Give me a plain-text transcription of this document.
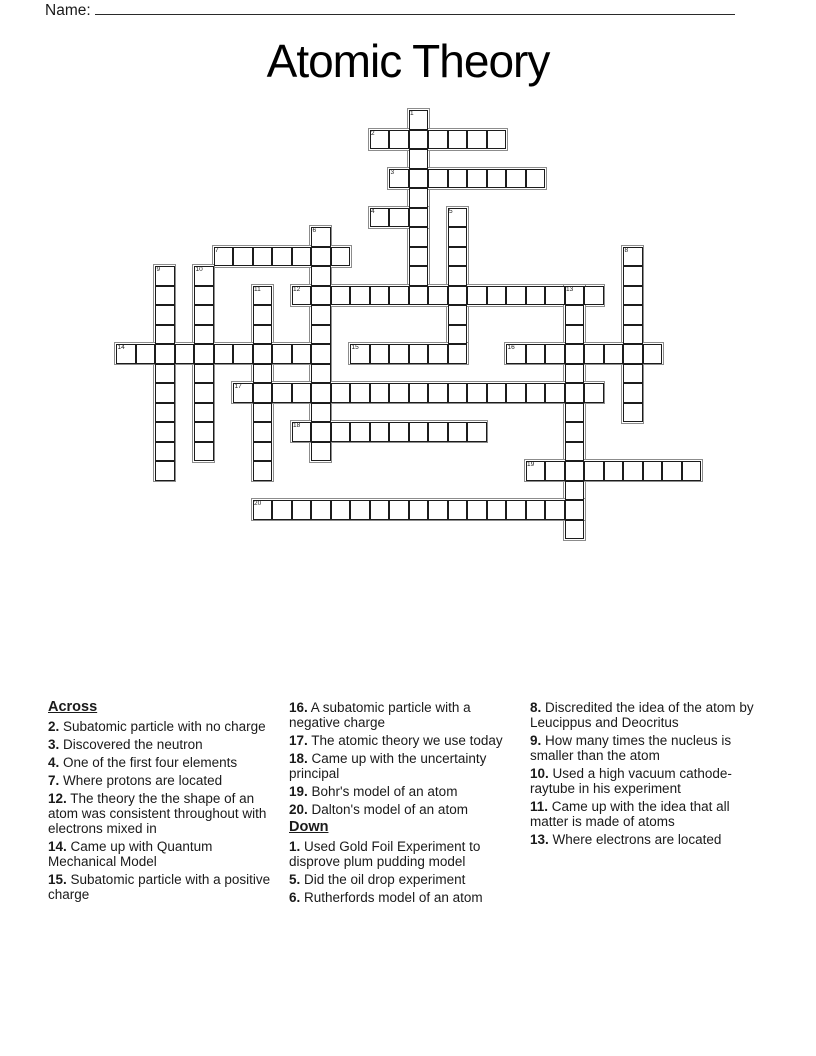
Name:
Atomic Theory
1
2
3
4	5
6
7	8
9	10
11	12	13
14	15	16
17
18
19
20
Across
2. Subatomic particle with no charge
3. Discovered the neutron
4. One of the first four elements
7. Where protons are located
12. The theory the the shape of an atom was consistent throughout with electrons mixed in
14. Came up with Quantum Mechanical Model
15. Subatomic particle with a positive charge
16. A subatomic particle with a negative charge
17. The atomic theory we use today
18. Came up with the uncertainty principal
19. Bohr's model of an atom
20. Dalton's model of an atom
Down
1. Used Gold Foil Experiment to disprove plum pudding model
5. Did the oil drop experiment
6. Rutherfords model of an atom
8. Discredited the idea of the atom by Leucippus and Deocritus
9. How many times the nucleus is smaller than the atom
10. Used a high vacuum cathode-raytube in his experiment
11. Came up with the idea that all matter is made of atoms
13. Where electrons are located
